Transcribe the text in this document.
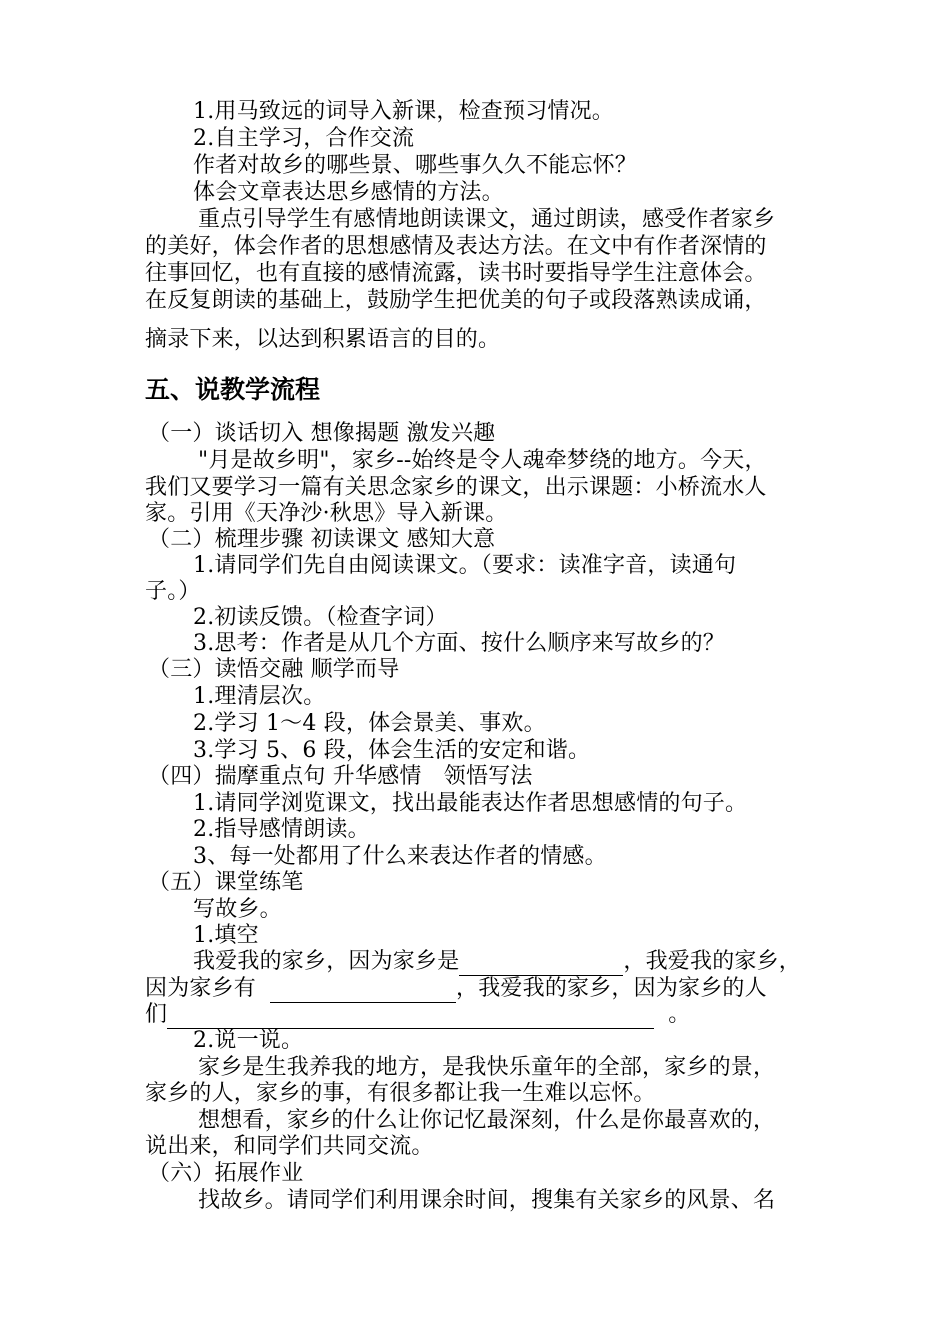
1.用马致远的词导入新课，检查预习情况。
2.自主学习，合作交流
作者对故乡的哪些景、哪些事久久不能忘怀？
体会文章表达思乡感情的方法。
重点引导学生有感情地朗读课文，通过朗读，感受作者家乡
的美好，体会作者的思想感情及表达方法。在文中有作者深情的
往事回忆，也有直接的感情流露，读书时要指导学生注意体会。
在反复朗读的基础上，鼓励学生把优美的句子或段落熟读成诵，
摘录下来，以达到积累语言的目的。
五、说教学流程
（一）谈话切入 想像揭题 激发兴趣
"月是故乡明"，家乡--始终是令人魂牵梦绕的地方。今天，
我们又要学习一篇有关思念家乡的课文，出示课题：小桥流水人
家。引用《天净沙·秋思》导入新课。
（二）梳理步骤 初读课文 感知大意
1.请同学们先自由阅读课文。（要求：读准字音，读通句
子。）
2.初读反馈。（检查字词）
3.思考：作者是从几个方面、按什么顺序来写故乡的？
（三）读悟交融 顺学而导
1.理清层次。
2.学习 1～4 段，体会景美、事欢。
3.学习 5、6 段，体会生活的安定和谐。
（四）揣摩重点句 升华感情　领悟写法
1.请同学浏览课文，找出最能表达作者思想感情的句子。
2.指导感情朗读。
3、每一处都用了什么来表达作者的情感。
（五）课堂练笔
写故乡。
1.填空
我爱我的家乡，因为家乡是	，我爱我的家乡，
因为家乡有	，我爱我的家乡，因为家乡的人
们	。
2.说一说。
家乡是生我养我的地方，是我快乐童年的全部，家乡的景，
家乡的人，家乡的事，有很多都让我一生难以忘怀。
想想看，家乡的什么让你记忆最深刻，什么是你最喜欢的，
说出来，和同学们共同交流。
（六）拓展作业
找故乡。请同学们利用课余时间，搜集有关家乡的风景、名
